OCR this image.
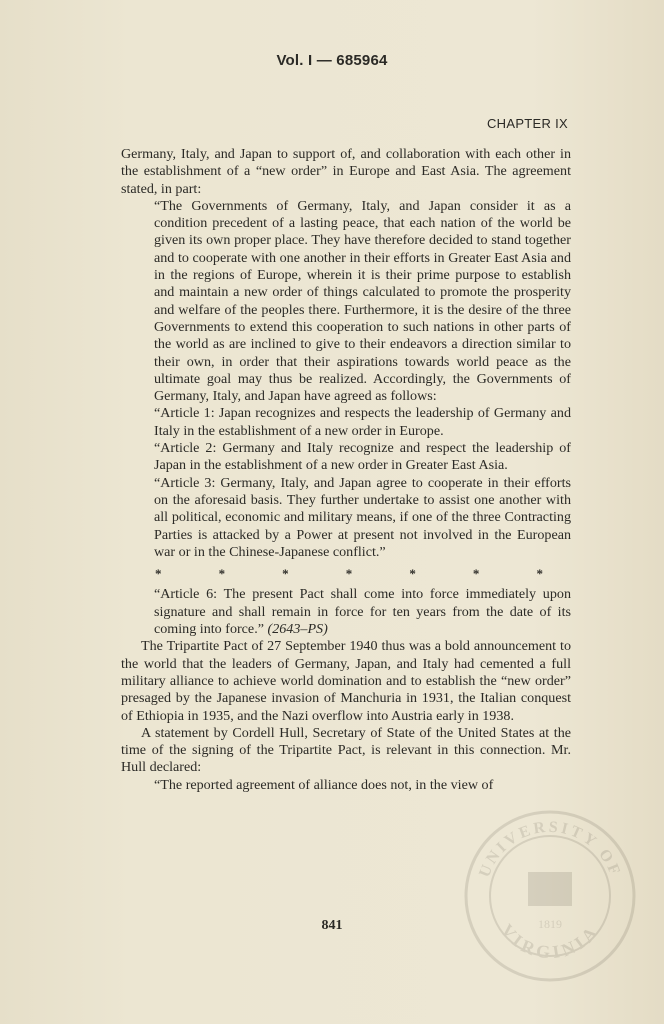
Vol. I — 685964
CHAPTER IX

Germany, Italy, and Japan to support of, and collaboration with each other in the establishment of a “new order” in Europe and East Asia. The agreement stated, in part:

“The Governments of Germany, Italy, and Japan consider it as a condition precedent of a lasting peace, that each nation of the world be given its own proper place. They have therefore decided to stand together and to cooperate with one another in their efforts in Greater East Asia and in the regions of Europe, wherein it is their prime purpose to establish and maintain a new order of things calculated to promote the prosperity and welfare of the peoples there. Furthermore, it is the desire of the three Governments to extend this cooperation to such nations in other parts of the world as are inclined to give to their endeavors a direction similar to their own, in order that their aspirations towards world peace as the ultimate goal may thus be realized. Accordingly, the Governments of Germany, Italy, and Japan have agreed as follows:

“Article 1: Japan recognizes and respects the leadership of Germany and Italy in the establishment of a new order in Europe.

“Article 2: Germany and Italy recognize and respect the leadership of Japan in the establishment of a new order in Greater East Asia.

“Article 3: Germany, Italy, and Japan agree to cooperate in their efforts on the aforesaid basis. They further undertake to assist one another with all political, economic and military means, if one of the three Contracting Parties is attacked by a Power at present not involved in the European war or in the Chinese-Japanese conflict.”

*	*	*	*	*	*	*

“Article 6: The present Pact shall come into force immediately upon signature and shall remain in force for ten years from the date of its coming into force.” (2643–PS)

The Tripartite Pact of 27 September 1940 thus was a bold announcement to the world that the leaders of Germany, Japan, and Italy had cemented a full military alliance to achieve world domination and to establish the “new order” presaged by the Japanese invasion of Manchuria in 1931, the Italian conquest of Ethiopia in 1935, and the Nazi overflow into Austria early in 1938.

A statement by Cordell Hull, Secretary of State of the United States at the time of the signing of the Tripartite Pact, is relevant in this connection. Mr. Hull declared:

“The reported agreement of alliance does not, in the view of

841
UNIVERSITY OF
VIRGINIA
1819
